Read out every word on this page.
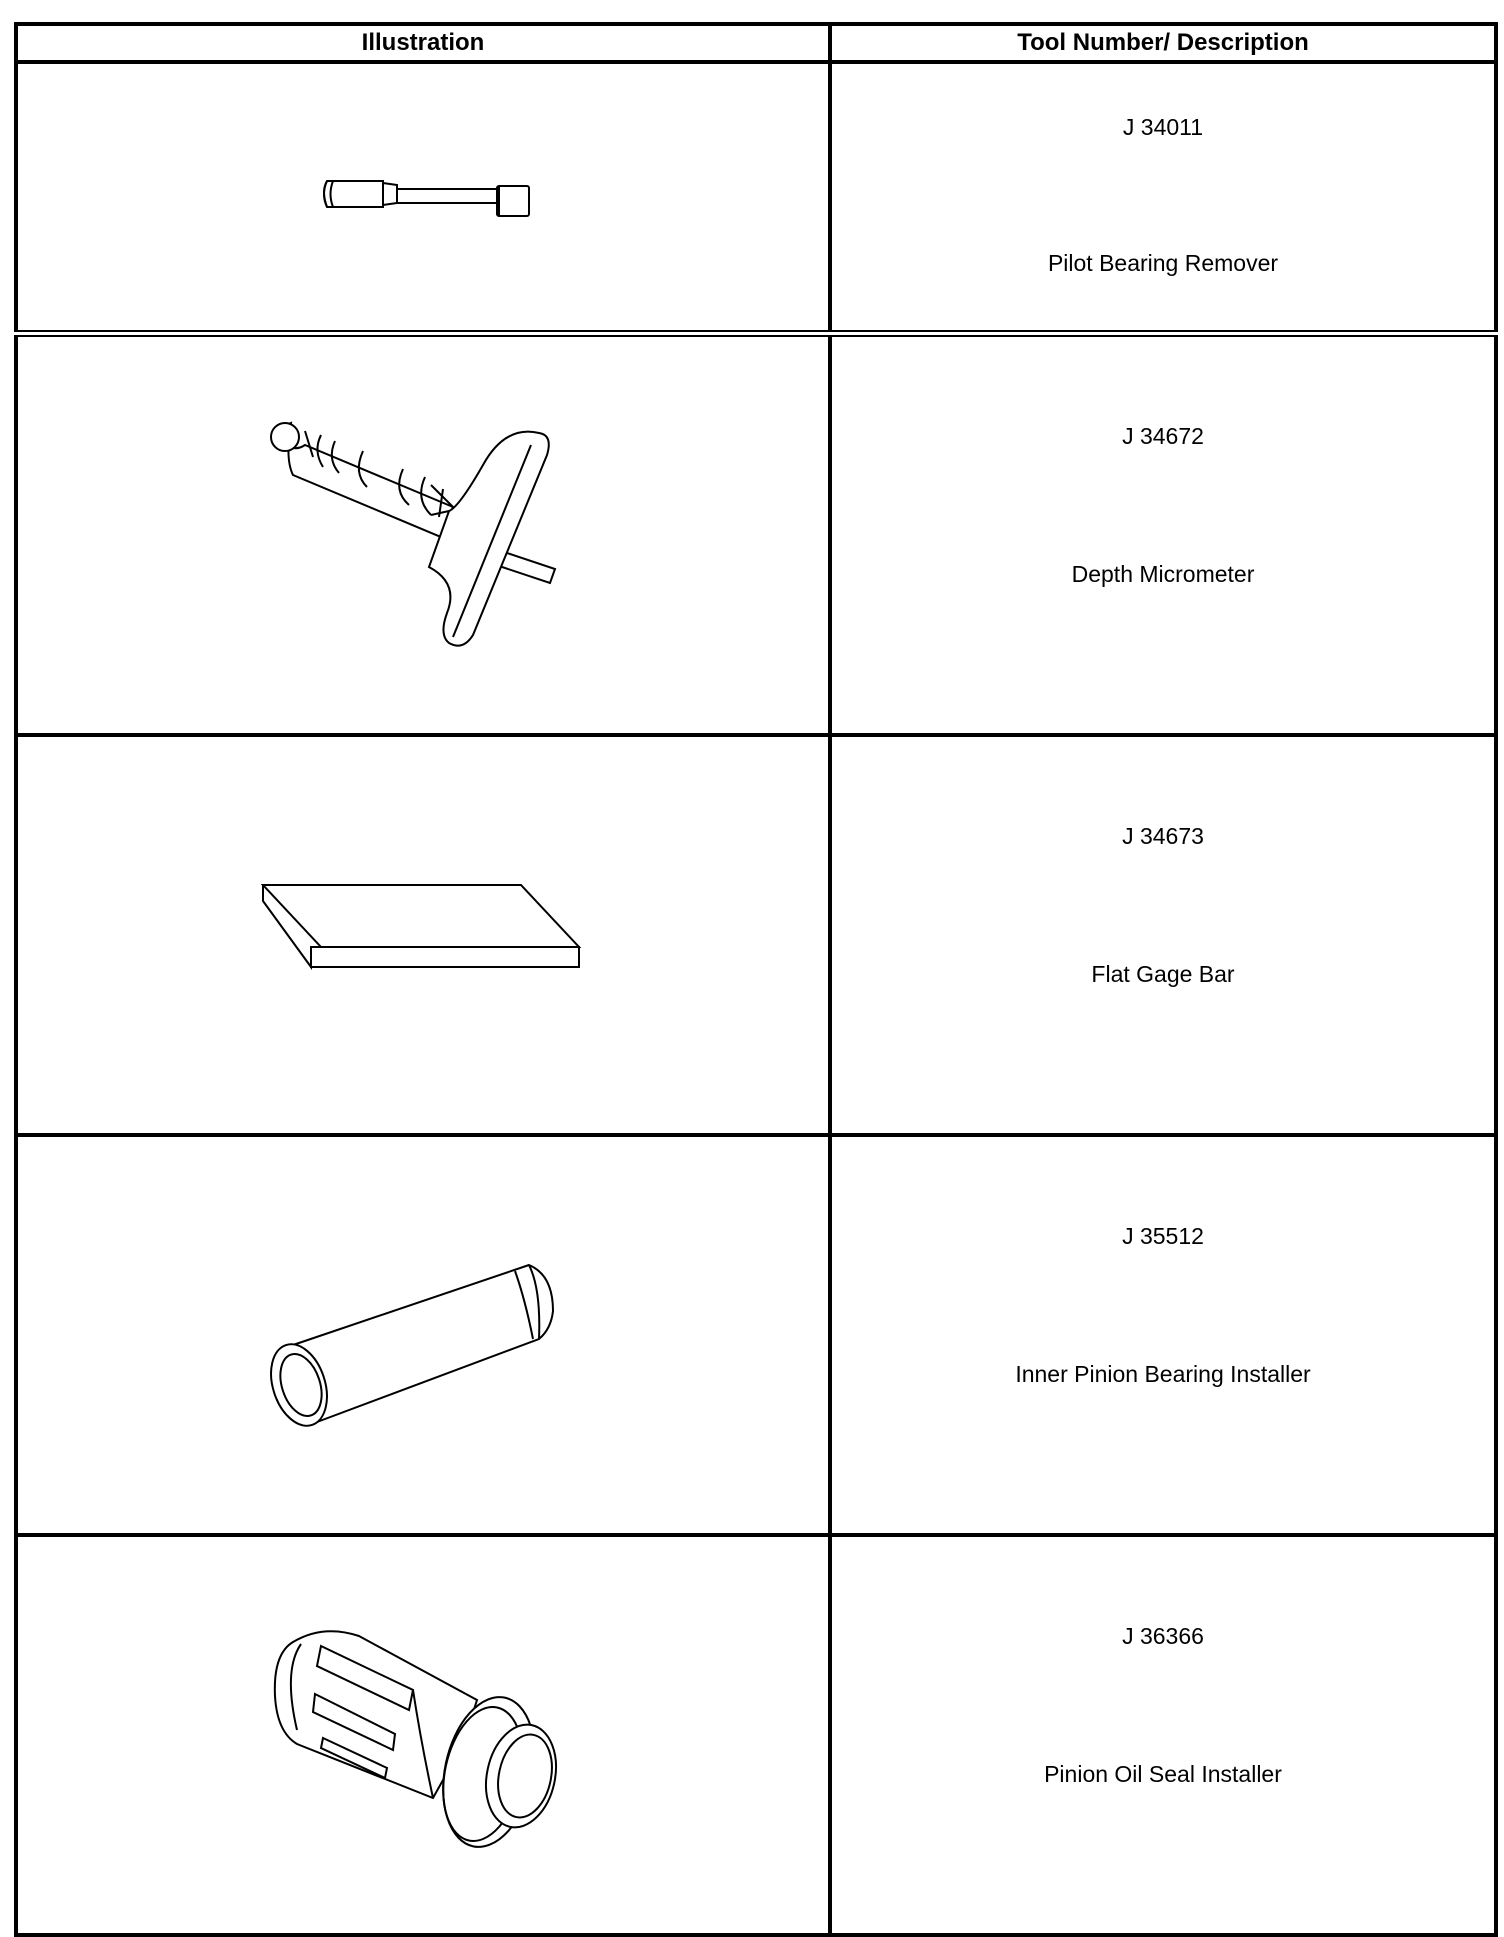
Illustration	Tool Number/ Description

J 34011
Pilot Bearing Remover

J 34672
Depth Micrometer

J 34673
Flat Gage Bar

J 35512
Inner Pinion Bearing Installer

J 36366
Pinion Oil Seal Installer
